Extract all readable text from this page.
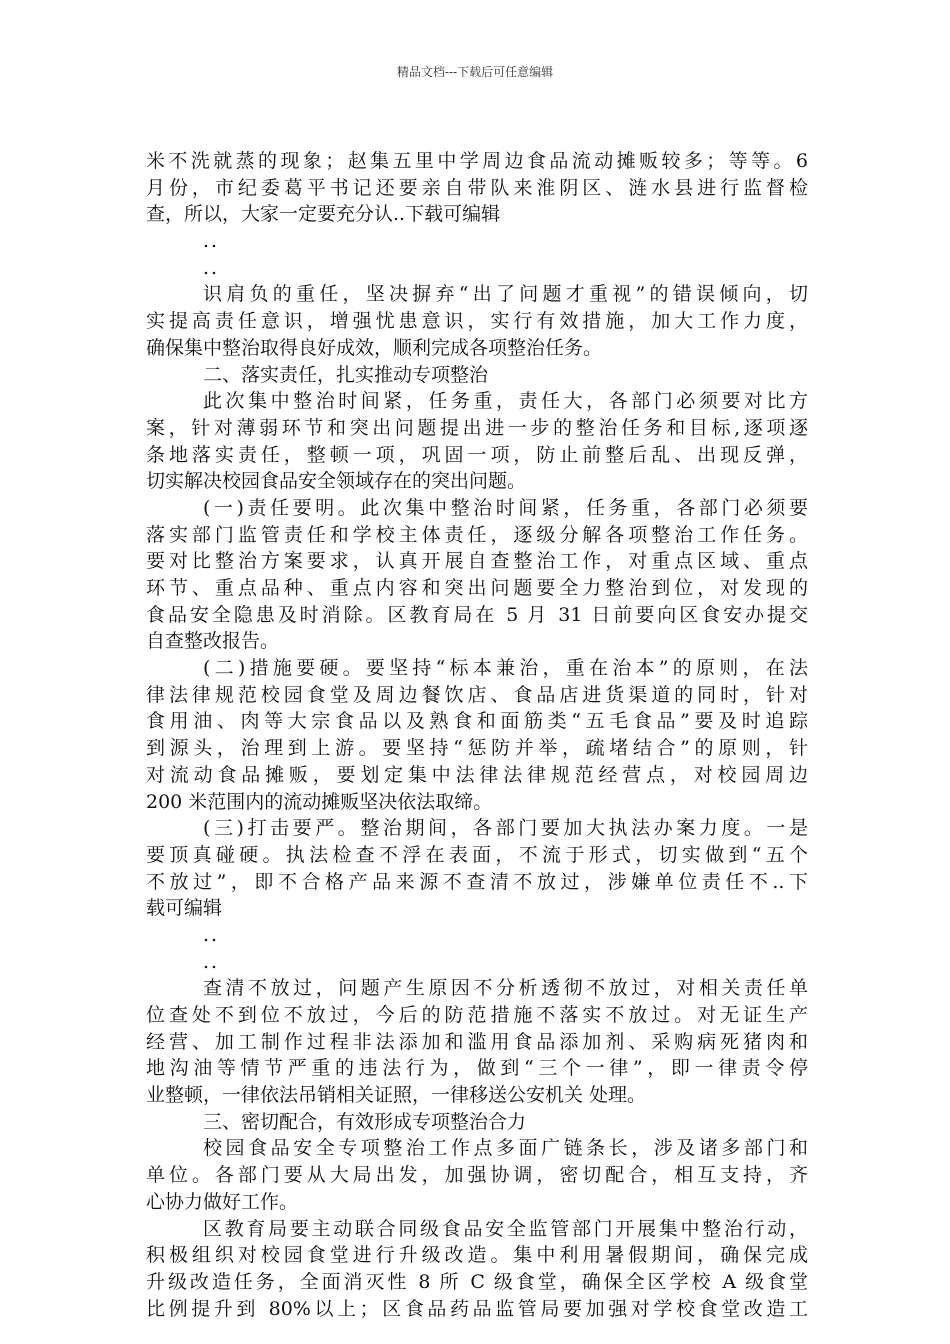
精品文档---下载后可任意编辑
米不洗就蒸的现象；赵集五里中学周边食品流动摊贩较多；等等。6
月份，市纪委葛平书记还要亲自带队来淮阴区、涟水县进行监督检
查，所以，大家一定要充分认..下载可编辑
..
..
识肩负的重任，坚决摒弃“出了问题才重视”的错误倾向，切
实提高责任意识，增强忧患意识，实行有效措施，加大工作力度，
确保集中整治取得良好成效，顺利完成各项整治任务。
二、落实责任，扎实推动专项整治
此次集中整治时间紧，任务重，责任大，各部门必须要对比方
案，针对薄弱环节和突出问题提出进一步的整治任务和目标,逐项逐
条地落实责任，整顿一项，巩固一项，防止前整后乱、出现反弹，
切实解决校园食品安全领域存在的突出问题。
(一)责任要明。此次集中整治时间紧，任务重，各部门必须要
落实部门监管责任和学校主体责任，逐级分解各项整治工作任务。
要对比整治方案要求，认真开展自查整治工作，对重点区域、重点
环节、重点品种、重点内容和突出问题要全力整治到位，对发现的
食品安全隐患及时消除。区教育局在 5 月 31 日前要向区食安办提交
自查整改报告。
(二)措施要硬。要坚持“标本兼治，重在治本”的原则，在法
律法律规范校园食堂及周边餐饮店、食品店进货渠道的同时，针对
食用油、肉等大宗食品以及熟食和面筋类“五毛食品”要及时追踪
到源头，治理到上游。要坚持“惩防并举，疏堵结合”的原则，针
对流动食品摊贩，要划定集中法律法律规范经营点，对校园周边
200 米范围内的流动摊贩坚决依法取缔。
(三)打击要严。整治期间，各部门要加大执法办案力度。一是
要顶真碰硬。执法检查不浮在表面，不流于形式，切实做到“五个
不放过”，即不合格产品来源不查清不放过，涉嫌单位责任不..下
载可编辑
..
..
查清不放过，问题产生原因不分析透彻不放过，对相关责任单
位查处不到位不放过，今后的防范措施不落实不放过。对无证生产
经营、加工制作过程非法添加和滥用食品添加剂、采购病死猪肉和
地沟油等情节严重的违法行为，做到“三个一律”，即一律责令停
业整顿，一律依法吊销相关证照，一律移送公安机关 处理。
三、密切配合，有效形成专项整治合力
校园食品安全专项整治工作点多面广链条长，涉及诸多部门和
单位。各部门要从大局出发，加强协调，密切配合，相互支持，齐
心协力做好工作。
区教育局要主动联合同级食品安全监管部门开展集中整治行动，
积极组织对校园食堂进行升级改造。集中利用暑假期间，确保完成
升级改造任务，全面消灭性 8 所 C 级食堂，确保全区学校 A 级食堂
比例提升到 80%以上；区食品药品监管局要加强对学校食堂改造工
